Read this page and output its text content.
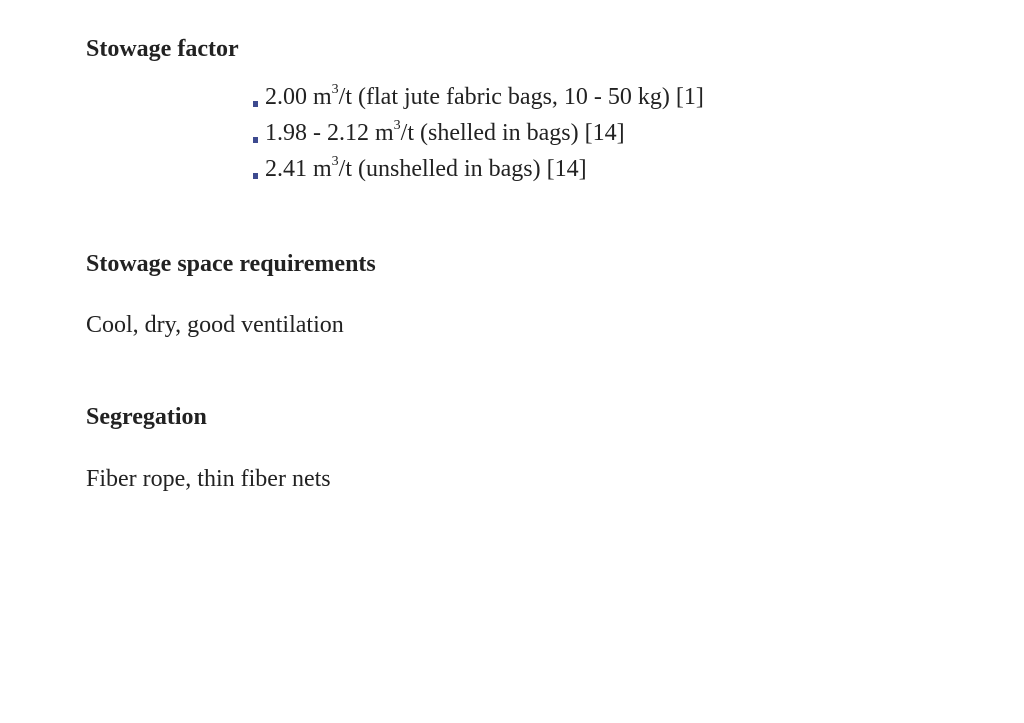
Stowage factor
2.00 $m^3/t$ (flat jute fabric bags, 10 - 50 kg) [1]
1.98 - 2.12 $m^3/t$ (shelled in bags) [14]
2.41 $m^3/t$ (unshelled in bags) [14]
Stowage space requirements

Cool, dry, good ventilation

Segregation

Fiber rope, thin fiber nets
